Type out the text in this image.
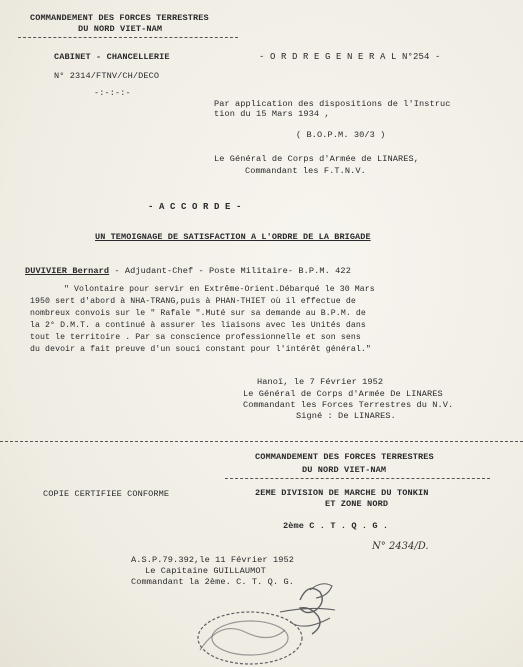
COMMANDEMENT DES FORCES TERRESTRES
DU NORD VIET-NAM
CABINET - CHANCELLERIE
N° 2314/FTNV/CH/DECO
-:-:-:-
- O R D R E G E N E R A L N°254 -
Par application des dispositions de l'Instruc
tion du 15 Mars 1934 ,
( B.O.P.M. 30/3 )
Le Général de Corps d'Armée de LINARES,
Commandant les F.T.N.V.
- A C C O R D E -
UN TEMOIGNAGE DE SATISFACTION A L'ORDRE DE LA BRIGADE
DUVIVIER Bernard - Adjudant-Chef - Poste Militaire- B.P.M. 422
" Volontaire pour servir en Extrême-Orient.Débarqué le 30 Mars
1950 sert d'abord à NHA-TRANG,puis à PHAN-THIET où il effectue de
nombreux convois sur le " Rafale ".Muté sur sa demande au B.P.M. de
la 2° D.M.T. a continué à assurer les liaisons avec les Unités dans
tout le territoire . Par sa conscience professionnelle et son sens
du devoir a fait preuve d'un souci constant pour l'intérêt général."
Hanoï, le 7 Février 1952
Le Général de Corps d'Armée De LINARES
Commandant les Forces Terrestres du N.V.
Signé : De LINARES.
COMMANDEMENT DES FORCES TERRESTRES
DU NORD VIET-NAM
COPIE CERTIFIEE CONFORME	2EME DIVISION DE MARCHE DU TONKIN
ET ZONE NORD
2ème C . T . Q . G .
N° 2434/D.
A.S.P.79.392,le 11 Février 1952
Le Capitaine GUILLAUMOT
Commandant la 2ème. C. T. Q. G.
